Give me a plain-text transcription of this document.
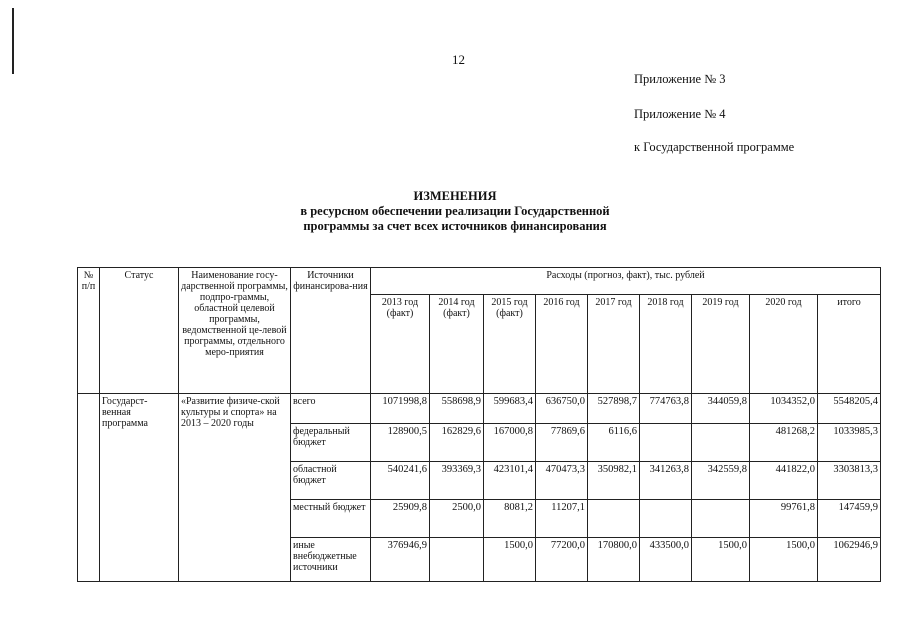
12
Приложение № 3
Приложение № 4
к Государственной программе
ИЗМЕНЕНИЯ
в ресурсном обеспечении реализации Государственной
программы за счет всех источников финансирования
№ п/п	Статус	Наименование госу-дарственной программы, подпро-граммы, областной целевой программы, ведомственной це-левой программы, отдельного меро-приятия	Источники финансирова-ния	Расходы (прогноз, факт), тыс. рублей								
				2013 год (факт)	2014 год (факт)	2015 год (факт)	2016 год	2017 год	2018 год	2019 год	2020 год	итого
	Государст-венная программа	«Развитие физиче-ской культуры и спорта» на 2013 – 2020 годы	всего	1071998,8	558698,9	599683,4	636750,0	527898,7	774763,8	344059,8	1034352,0	5548205,4
			федеральный бюджет	128900,5	162829,6	167000,8	77869,6	6116,6			481268,2	1033985,3
			областной бюджет	540241,6	393369,3	423101,4	470473,3	350982,1	341263,8	342559,8	441822,0	3303813,3
			местный бюджет	25909,8	2500,0	8081,2	11207,1				99761,8	147459,9
			иные внебюджетные источники	376946,9		1500,0	77200,0	170800,0	433500,0	1500,0	1500,0	1062946,9
